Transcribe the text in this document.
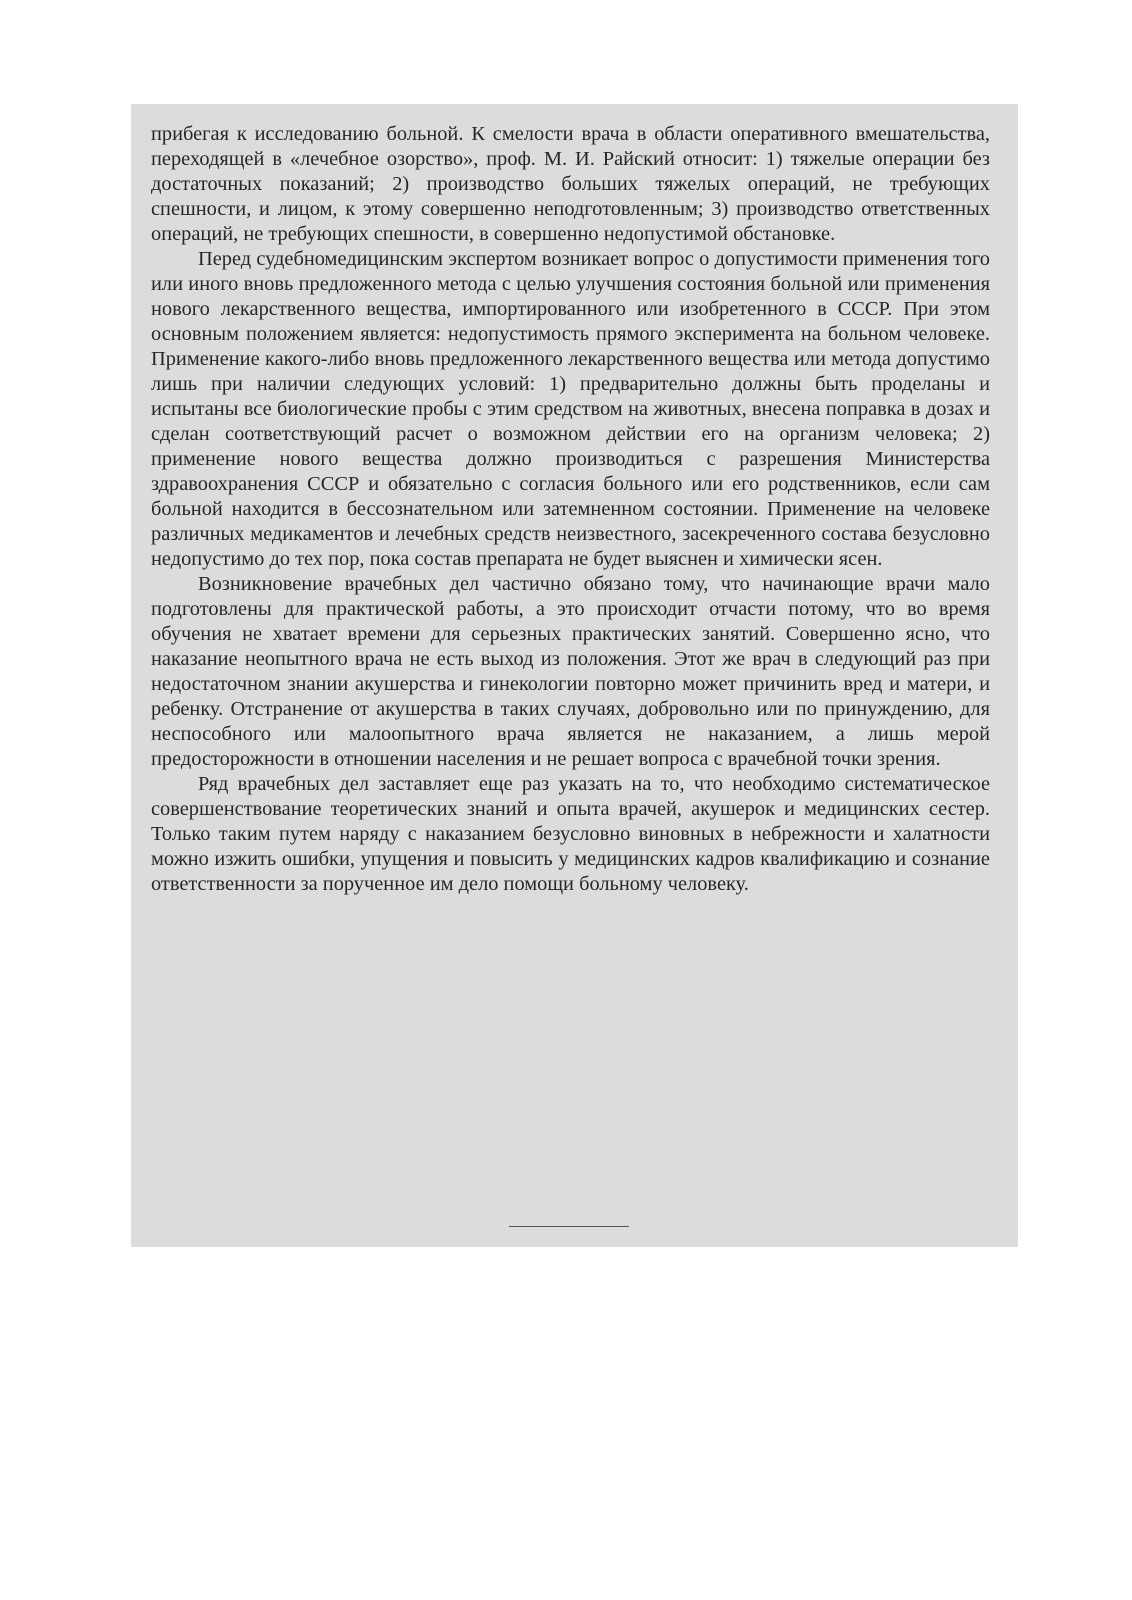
прибегая к исследованию больной. К смелости врача в области оперативного вмешательства, переходящей в «лечебное озорство», проф. М. И. Райский относит: 1) тяжелые операции без достаточных показаний; 2) производство больших тяжелых операций, не требующих спешности, и лицом, к этому совершенно неподготовленным; 3) производство ответственных операций, не требующих спешности, в совершенно недопустимой обстановке.

Перед судебномедицинским экспертом возникает вопрос о допустимости применения того или иного вновь предложенного метода с целью улучшения состояния больной или применения нового лекарственного вещества, импортированного или изобретенного в СССР. При этом основным положением является: недопустимость прямого эксперимента на больном человеке. Применение какого-либо вновь предложенного лекарственного вещества или метода допустимо лишь при наличии следующих условий: 1) предварительно должны быть проделаны и испытаны все биологические пробы с этим средством на животных, внесена поправка в дозах и сделан соответствующий расчет о возможном действии его на организм человека; 2) применение нового вещества должно производиться с разрешения Министерства здравоохранения СССР и обязательно с согласия больного или его родственников, если сам больной находится в бессознательном или затемненном состоянии. Применение на человеке различных медикаментов и лечебных средств неизвестного, засекреченного состава безусловно недопустимо до тех пор, пока состав препарата не будет выяснен и химически ясен.

Возникновение врачебных дел частично обязано тому, что начинающие врачи мало подготовлены для практической работы, а это происходит отчасти потому, что во время обучения не хватает времени для серьезных практических занятий. Совершенно ясно, что наказание неопытного врача не есть выход из положения. Этот же врач в следующий раз при недостаточном знании акушерства и гинекологии повторно может причинить вред и матери, и ребенку. Отстранение от акушерства в таких случаях, добровольно или по принуждению, для неспособного или малоопытного врача является не наказанием, а лишь мерой предосторожности в отношении населения и не решает вопроса с врачебной точки зрения.

Ряд врачебных дел заставляет еще раз указать на то, что необходимо систематическое совершенствование теоретических знаний и опыта врачей, акушерок и медицинских сестер. Только таким путем наряду с наказанием безусловно виновных в небрежности и халатности можно изжить ошибки, упущения и повысить у медицинских кадров квалификацию и сознание ответственности за порученное им дело помощи больному человеку.
